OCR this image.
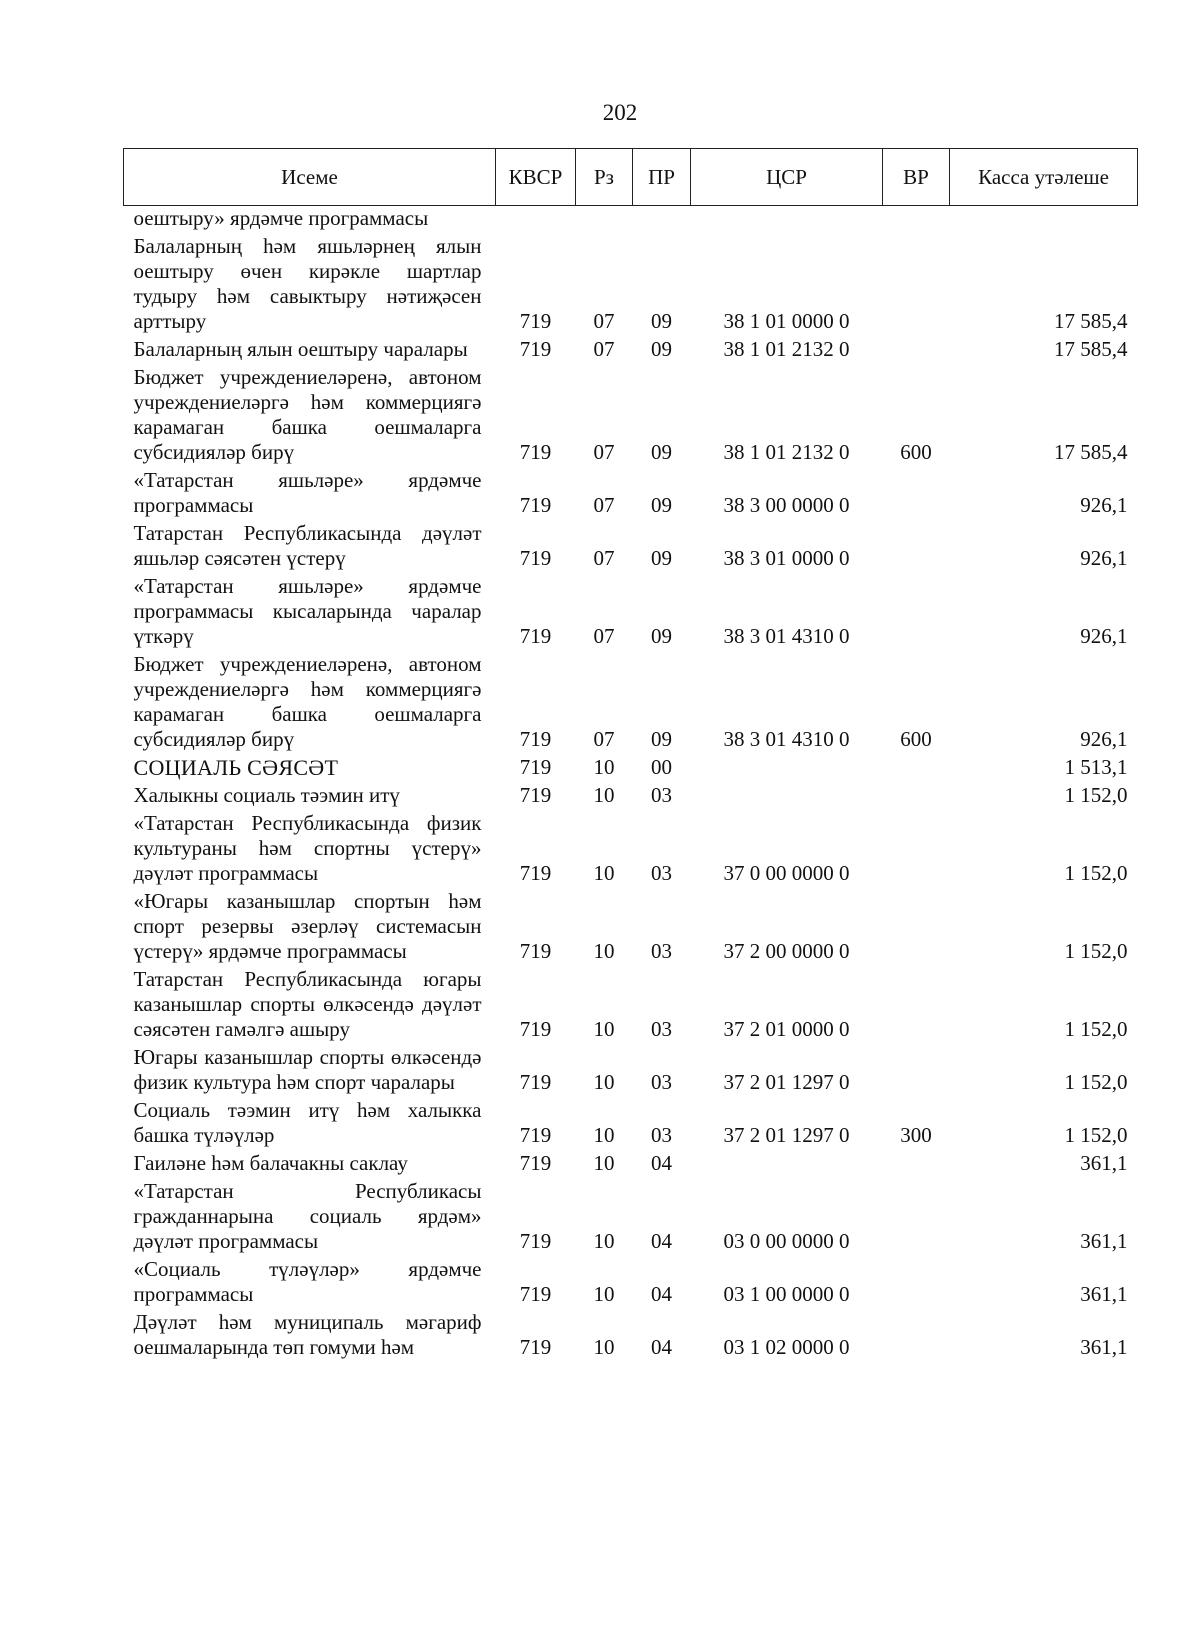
202
Исеме	КВСР	Рз	ПР	ЦСР	ВР	Касса утәлеше
оештыру» ярдәмче программасы						
Балаларның һәм яшьләрнең ялын оештыру өчен кирәкле шартлар тудыру һәм савыктыру нәтиҗәсен арттыру	719	07	09	38 1 01 0000 0		17 585,4
Балаларның ялын оештыру чаралары	719	07	09	38 1 01 2132 0		17 585,4
Бюджет учреждениеләренә, автоном учреждениеләргә һәм коммерциягә карамаган башка оешмаларга субсидияләр бирү	719	07	09	38 1 01 2132 0	600	17 585,4
«Татарстан яшьләре» ярдәмче программасы	719	07	09	38 3 00 0000 0		926,1
Татарстан Республикасында дәүләт яшьләр сәясәтен үстерү	719	07	09	38 3 01 0000 0		926,1
«Татарстан яшьләре» ярдәмче программасы кысаларында чаралар үткәрү	719	07	09	38 3 01 4310 0		926,1
Бюджет учреждениеләренә, автоном учреждениеләргә һәм коммерциягә карамаган башка оешмаларга субсидияләр бирү	719	07	09	38 3 01 4310 0	600	926,1
СОЦИАЛЬ СӘЯСӘТ	719	10	00			1 513,1
Халыкны социаль тәэмин итү	719	10	03			1 152,0
«Татарстан Республикасында физик культураны һәм спортны үстерү» дәүләт программасы	719	10	03	37 0 00 0000 0		1 152,0
«Югары казанышлар спортын һәм спорт резервы әзерләү системасын үстерү» ярдәмче программасы	719	10	03	37 2 00 0000 0		1 152,0
Татарстан Республикасында югары казанышлар спорты өлкәсендә дәүләт сәясәтен гамәлгә ашыру	719	10	03	37 2 01 0000 0		1 152,0
Югары казанышлар спорты өлкәсендә физик культура һәм спорт чаралары	719	10	03	37 2 01 1297 0		1 152,0
Социаль тәэмин итү һәм халыкка башка түләүләр	719	10	03	37 2 01 1297 0	300	1 152,0
Гаиләне һәм балачакны саклау	719	10	04			361,1
«Татарстан Республикасы гражданнарына социаль ярдәм» дәүләт программасы	719	10	04	03 0 00 0000 0		361,1
«Социаль түләүләр» ярдәмче программасы	719	10	04	03 1 00 0000 0		361,1
Дәүләт һәм муниципаль мәгариф оешмаларында төп гомуми һәм	719	10	04	03 1 02 0000 0		361,1
